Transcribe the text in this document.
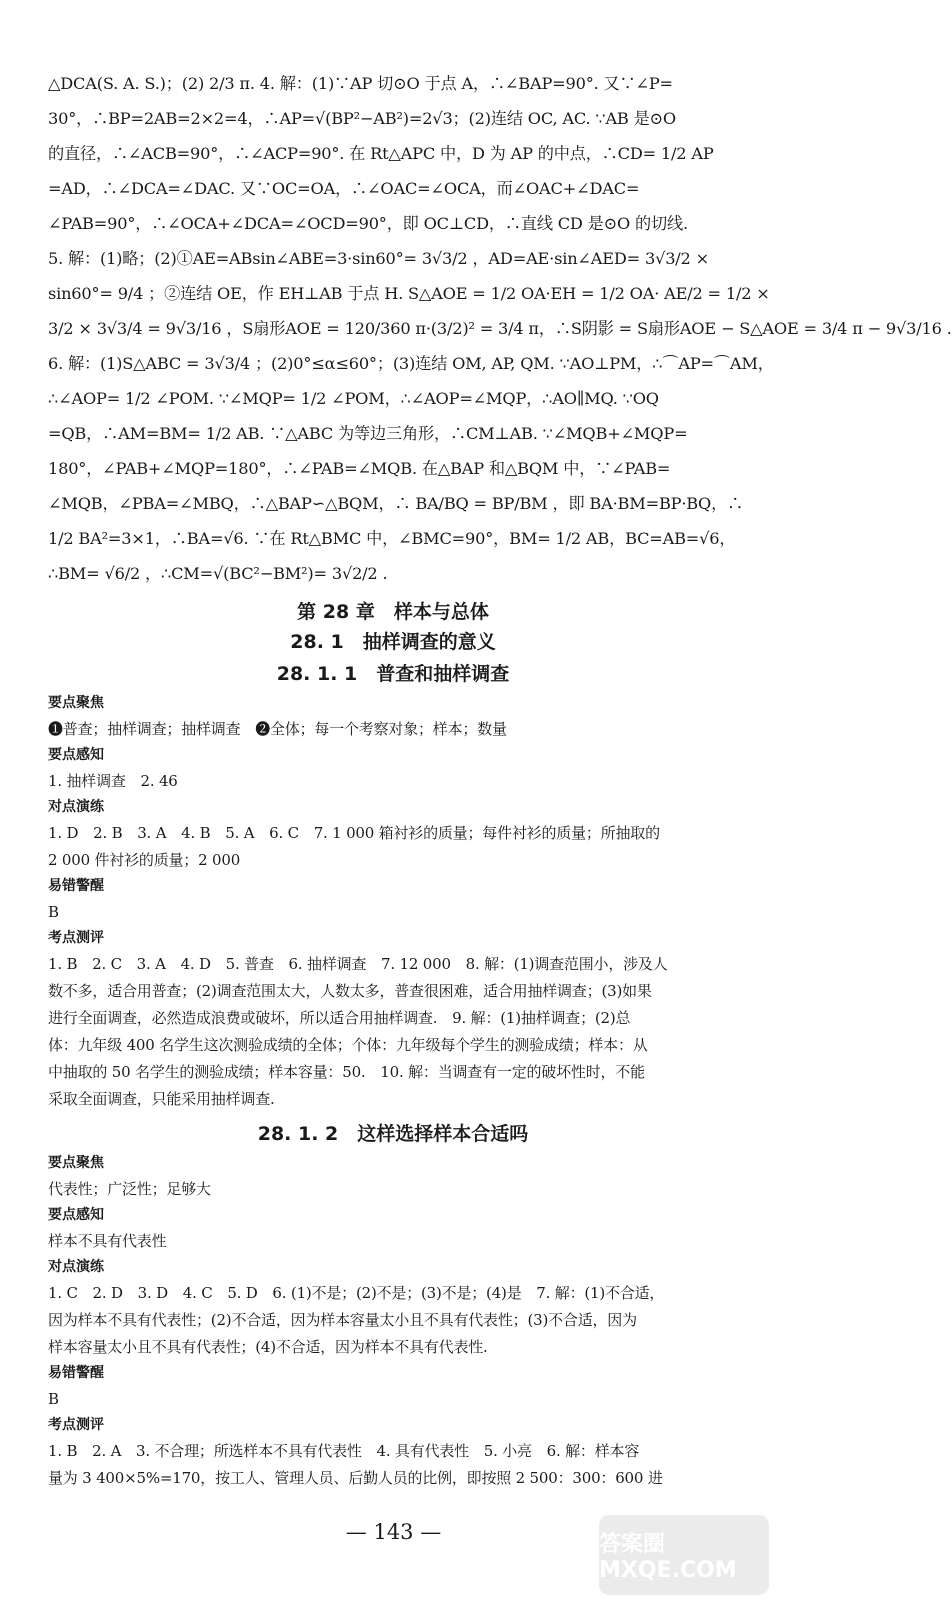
△DCA(S. A. S.)；(2) 2/3 π. 4. 解：(1)∵AP 切⊙O 于点 A，∴∠BAP=90°. 又∵∠P=

30°，∴BP=2AB=2×2=4，∴AP=√(BP²−AB²)=2√3；(2)连结 OC, AC. ∵AB 是⊙O

的直径，∴∠ACB=90°，∴∠ACP=90°. 在 Rt△APC 中，D 为 AP 的中点，∴CD= 1/2 AP

=AD，∴∠DCA=∠DAC. 又∵OC=OA，∴∠OAC=∠OCA，而∠OAC+∠DAC=

∠PAB=90°，∴∠OCA+∠DCA=∠OCD=90°，即 OC⊥CD，∴直线 CD 是⊙O 的切线.

5. 解：(1)略；(2)①AE=ABsin∠ABE=3·sin60°= 3√3/2 ，AD=AE·sin∠AED= 3√3/2 ×

sin60°= 9/4 ；②连结 OE，作 EH⊥AB 于点 H. S△AOE = 1/2 OA·EH = 1/2 OA· AE/2 = 1/2 ×

3/2 × 3√3/4 = 9√3/16 ，S扇形AOE = 120/360 π·(3/2)² = 3/4 π，∴S阴影 = S扇形AOE − S△AOE = 3/4 π − 9√3/16 .

6. 解：(1)S△ABC = 3√3/4 ；(2)0°≤α≤60°；(3)连结 OM, AP, QM. ∵AO⊥PM，∴⌒AP=⌒AM，

∴∠AOP= 1/2 ∠POM. ∵∠MQP= 1/2 ∠POM，∴∠AOP=∠MQP，∴AO∥MQ. ∵OQ

=QB，∴AM=BM= 1/2 AB. ∵△ABC 为等边三角形，∴CM⊥AB. ∵∠MQB+∠MQP=

180°，∠PAB+∠MQP=180°，∴∠PAB=∠MQB. 在△BAP 和△BQM 中，∵∠PAB=

∠MQB，∠PBA=∠MBQ，∴△BAP∽△BQM，∴ BA/BQ = BP/BM ，即 BA·BM=BP·BQ，∴

1/2 BA²=3×1，∴BA=√6. ∵在 Rt△BMC 中，∠BMC=90°，BM= 1/2 AB，BC=AB=√6，

∴BM= √6/2 ，∴CM=√(BC²−BM²)= 3√2/2 .

第 28 章　样本与总体

28. 1　抽样调查的意义

28. 1. 1　普查和抽样调查

要点聚焦

❶普查；抽样调查；抽样调查　❷全体；每一个考察对象；样本；数量

要点感知

1. 抽样调查　2. 46

对点演练

1. D　2. B　3. A　4. B　5. A　6. C　7. 1 000 箱衬衫的质量；每件衬衫的质量；所抽取的

2 000 件衬衫的质量；2 000

易错警醒

B

考点测评

1. B　2. C　3. A　4. D　5. 普查　6. 抽样调查　7. 12 000　8. 解：(1)调查范围小，涉及人

数不多，适合用普查；(2)调查范围太大，人数太多，普查很困难，适合用抽样调查；(3)如果

进行全面调查，必然造成浪费或破坏，所以适合用抽样调查.　9. 解：(1)抽样调查；(2)总

体：九年级 400 名学生这次测验成绩的全体；个体：九年级每个学生的测验成绩；样本：从

中抽取的 50 名学生的测验成绩；样本容量：50.　10. 解：当调查有一定的破坏性时，不能

采取全面调查，只能采用抽样调查.

28. 1. 2　这样选择样本合适吗

要点聚焦

代表性；广泛性；足够大

要点感知

样本不具有代表性

对点演练

1. C　2. D　3. D　4. C　5. D　6. (1)不是；(2)不是；(3)不是；(4)是　7. 解：(1)不合适，

因为样本不具有代表性；(2)不合适，因为样本容量太小且不具有代表性；(3)不合适，因为

样本容量太小且不具有代表性；(4)不合适，因为样本不具有代表性.

易错警醒

B

考点测评

1. B　2. A　3. 不合理；所选样本不具有代表性　4. 具有代表性　5. 小亮　6. 解：样本容

量为 3 400×5%=170，按工人、管理人员、后勤人员的比例，即按照 2 500：300：600 进

— 143 —	答案圈 MXQE.COM
